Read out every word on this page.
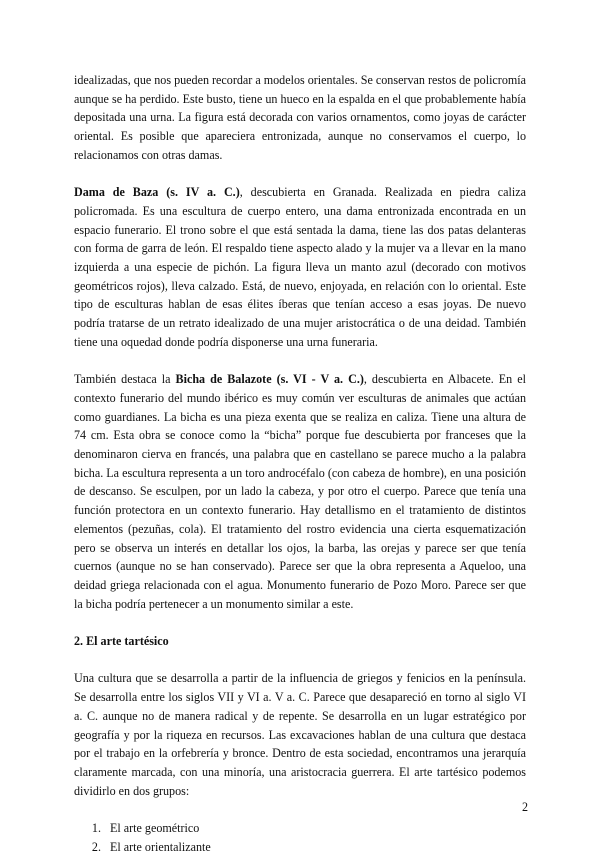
idealizadas, que nos pueden recordar a modelos orientales. Se conservan restos de policromía aunque se ha perdido. Este busto, tiene un hueco en la espalda en el que probablemente había depositada una urna. La figura está decorada con varios ornamentos, como joyas de carácter oriental. Es posible que apareciera entronizada, aunque no conservamos el cuerpo, lo relacionamos con otras damas.

Dama de Baza (s. IV a. C.), descubierta en Granada. Realizada en piedra caliza policromada. Es una escultura de cuerpo entero, una dama entronizada encontrada en un espacio funerario. El trono sobre el que está sentada la dama, tiene las dos patas delanteras con forma de garra de león. El respaldo tiene aspecto alado y la mujer va a llevar en la mano izquierda a una especie de pichón. La figura lleva un manto azul (decorado con motivos geométricos rojos), lleva calzado. Está, de nuevo, enjoyada, en relación con lo oriental. Este tipo de esculturas hablan de esas élites íberas que tenían acceso a esas joyas. De nuevo podría tratarse de un retrato idealizado de una mujer aristocrática o de una deidad. También tiene una oquedad donde podría disponerse una urna funeraria.

También destaca la Bicha de Balazote (s. VI - V a. C.), descubierta en Albacete. En el contexto funerario del mundo ibérico es muy común ver esculturas de animales que actúan como guardianes. La bicha es una pieza exenta que se realiza en caliza. Tiene una altura de 74 cm. Esta obra se conoce como la “bicha” porque fue descubierta por franceses que la denominaron cierva en francés, una palabra que en castellano se parece mucho a la palabra bicha. La escultura representa a un toro androcéfalo (con cabeza de hombre), en una posición de descanso. Se esculpen, por un lado la cabeza, y por otro el cuerpo. Parece que tenía una función protectora en un contexto funerario. Hay detallismo en el tratamiento de distintos elementos (pezuñas, cola). El tratamiento del rostro evidencia una cierta esquematización pero se observa un interés en detallar los ojos, la barba, las orejas y parece ser que tenía cuernos (aunque no se han conservado). Parece ser que la obra representa a Aqueloo, una deidad griega relacionada con el agua. Monumento funerario de Pozo Moro. Parece ser que la bicha podría pertenecer a un monumento similar a este.

2. El arte tartésico

Una cultura que se desarrolla a partir de la influencia de griegos y fenicios en la península. Se desarrolla entre los siglos VII y VI a. V a. C. Parece que desapareció en torno al siglo VI a. C. aunque no de manera radical y de repente. Se desarrolla en un lugar estratégico por geografía y por la riqueza en recursos. Las excavaciones hablan de una cultura que destaca por el trabajo en la orfebrería y bronce. Dentro de esta sociedad, encontramos una jerarquía claramente marcada, con una minoría, una aristocracia guerrera. El arte tartésico podemos dividirlo en dos grupos:

1. El arte geométrico
2. El arte orientalizante
2
